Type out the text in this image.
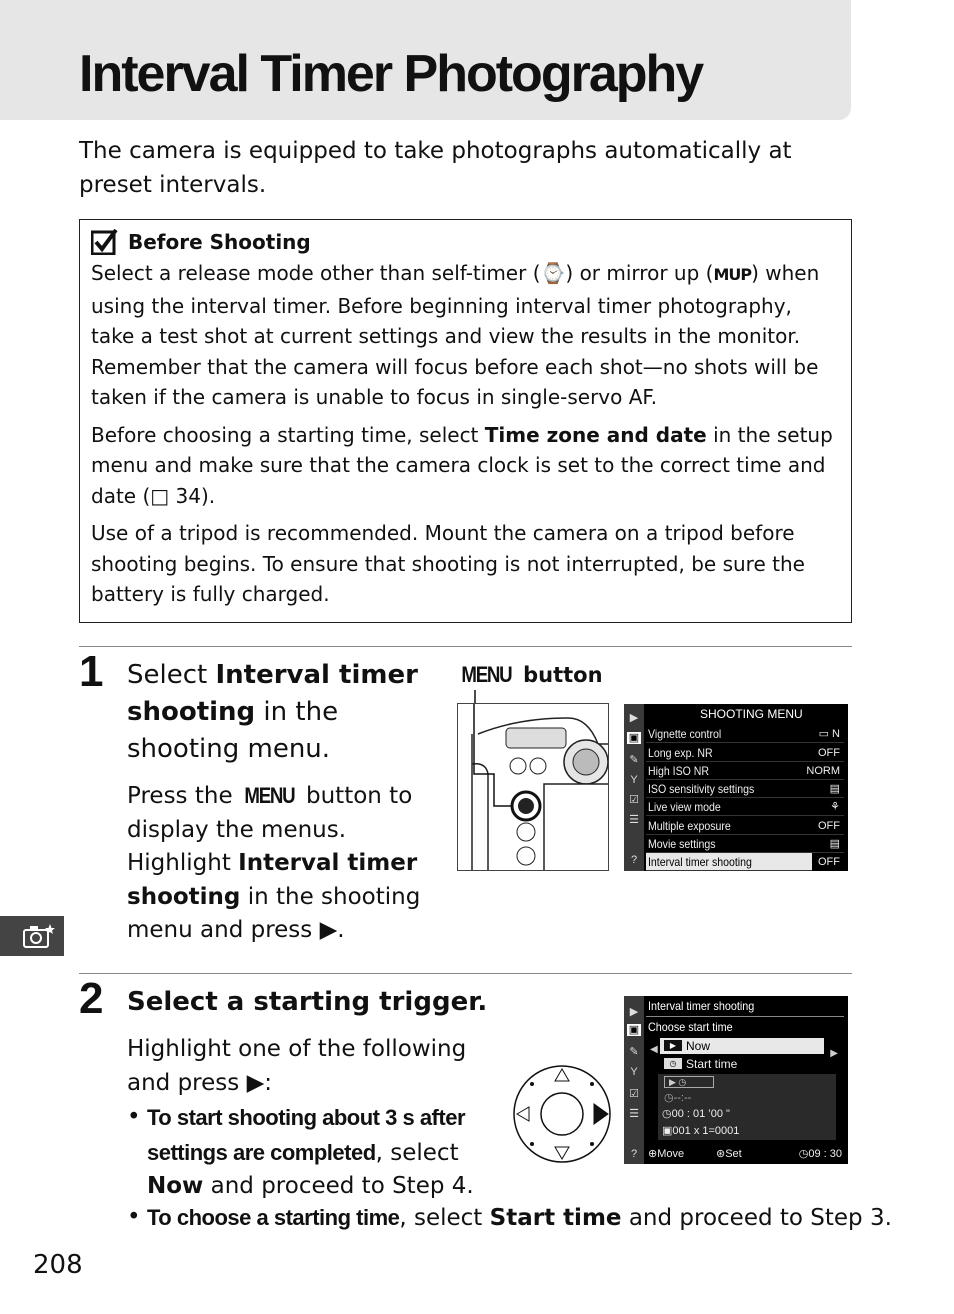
Interval Timer Photography

The camera is equipped to take photographs automatically at preset intervals.

Before Shooting

Select a release mode other than self-timer (⌚) or mirror up (MUP) when using the interval timer. Before beginning interval timer photography, take a test shot at current settings and view the results in the monitor. Remember that the camera will focus before each shot—no shots will be taken if the camera is unable to focus in single-servo AF.

Before choosing a starting time, select Time zone and date in the setup menu and make sure that the camera clock is set to the correct time and date (□ 34).

Use of a tripod is recommended. Mount the camera on a tripod before shooting begins. To ensure that shooting is not interrupted, be sure the battery is fully charged.

1 Select Interval timer shooting in the shooting menu.
Press the MENU button to display the menus. Highlight Interval timer shooting in the shooting menu and press ▶.
MENU button
▶
▣
✎
Y
☑
☰
?
SHOOTING MENU
Vignette control	▭ N
Long exp. NR	OFF
High ISO NR	NORM
ISO sensitivity settings	▤
Live view mode	⚘
Multiple exposure	OFF
Movie settings	▤
Interval timer shooting	OFF
2 Select a starting trigger.
Highlight one of the following and press ▶:
• To start shooting about 3 s after settings are completed, select Now and proceed to Step 4.
• To choose a starting time, select Start time and proceed to Step 3.
▶
▣
✎
Y
☑
☰
?
Interval timer shooting
Choose start time
◀	▶
▶ Now
◷ Start time
▶ ◷
◷--:--
◷00 : 01 ’00 "
▣001 x 1=0001
⊕Move	⊛Set	◷09 : 30
208
